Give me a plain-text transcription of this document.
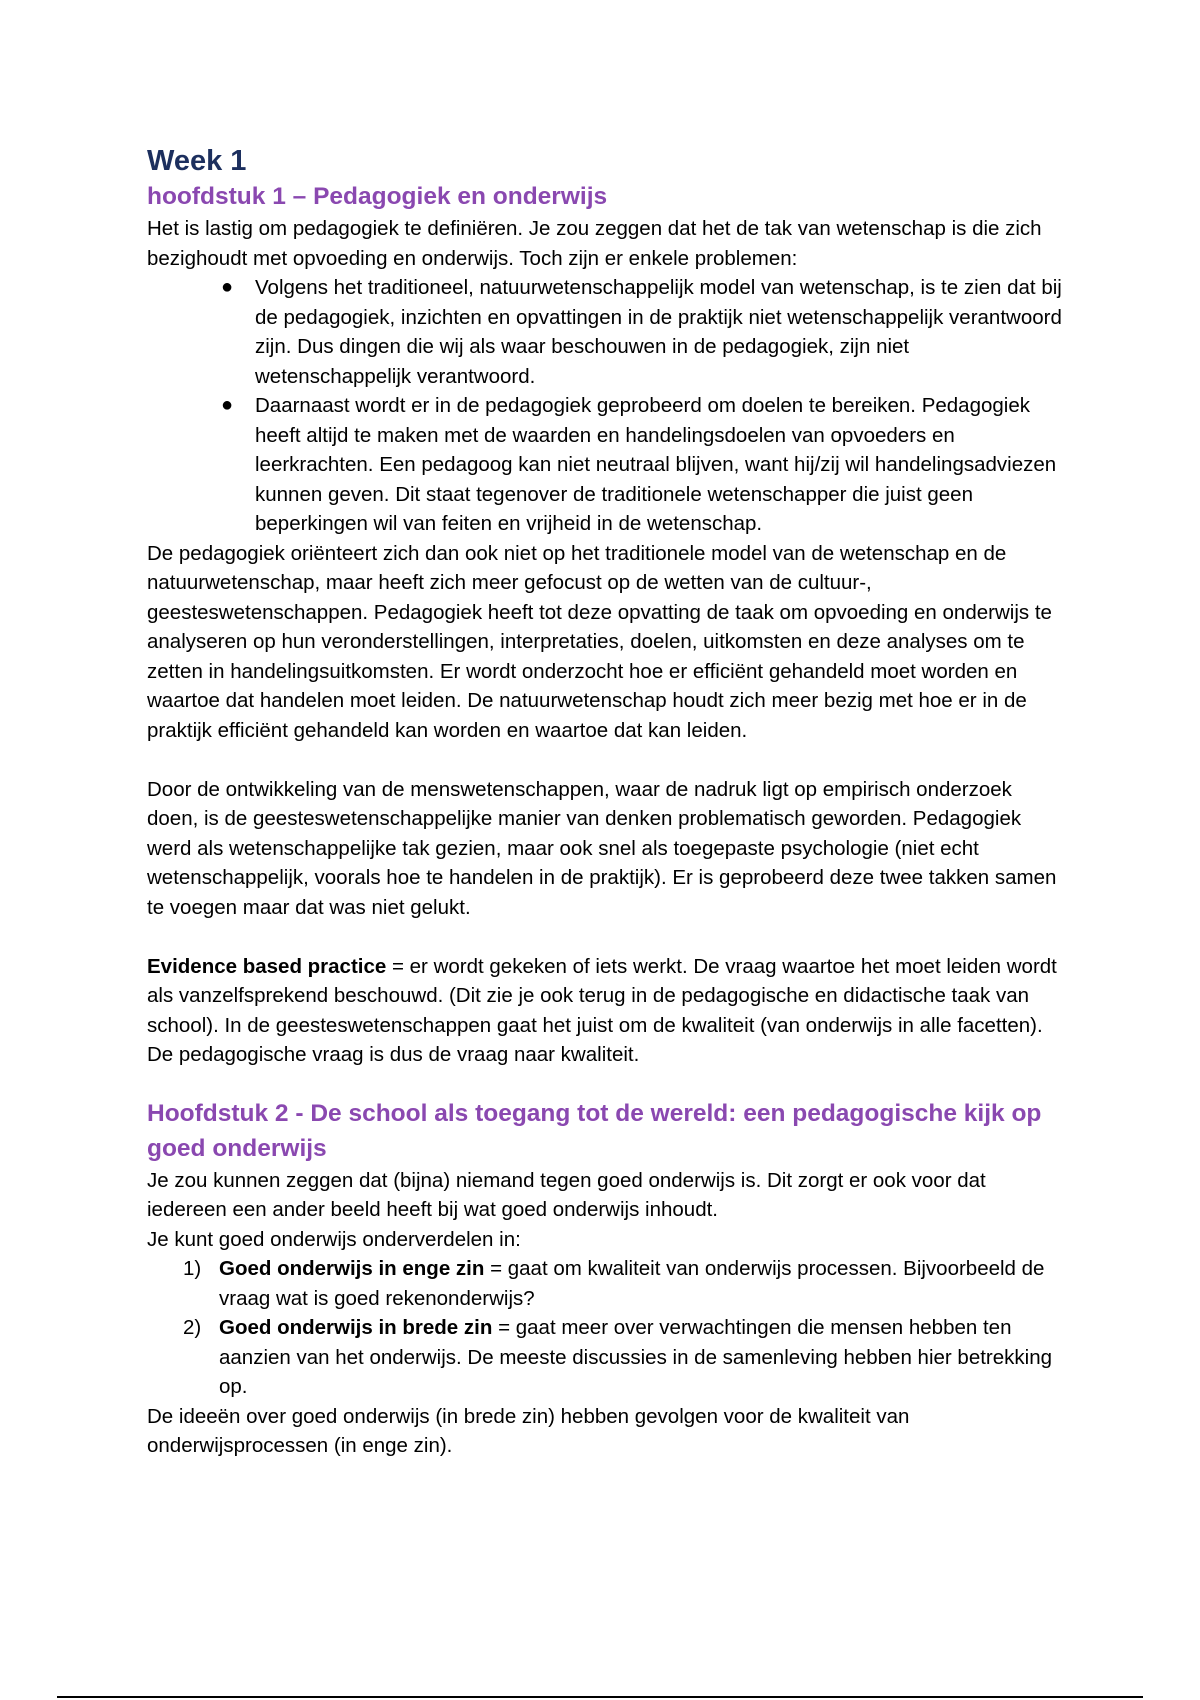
Week 1
hoofdstuk 1 – Pedagogiek en onderwijs

Het is lastig om pedagogiek te definiëren. Je zou zeggen dat het de tak van wetenschap is die zich bezighoudt met opvoeding en onderwijs. Toch zijn er enkele problemen:

● Volgens het traditioneel, natuurwetenschappelijk model van wetenschap, is te zien dat bij de pedagogiek, inzichten en opvattingen in de praktijk niet wetenschappelijk verantwoord zijn. Dus dingen die wij als waar beschouwen in de pedagogiek, zijn niet wetenschappelijk verantwoord.
● Daarnaast wordt er in de pedagogiek geprobeerd om doelen te bereiken. Pedagogiek heeft altijd te maken met de waarden en handelingsdoelen van opvoeders en leerkrachten. Een pedagoog kan niet neutraal blijven, want hij/zij wil handelingsadviezen kunnen geven. Dit staat tegenover de traditionele wetenschapper die juist geen beperkingen wil van feiten en vrijheid in de wetenschap.

De pedagogiek oriënteert zich dan ook niet op het traditionele model van de wetenschap en de natuurwetenschap, maar heeft zich meer gefocust op de wetten van de cultuur-, geesteswetenschappen. Pedagogiek heeft tot deze opvatting de taak om opvoeding en onderwijs te analyseren op hun veronderstellingen, interpretaties, doelen, uitkomsten en deze analyses om te zetten in handelingsuitkomsten. Er wordt onderzocht hoe er efficiënt gehandeld moet worden en waartoe dat handelen moet leiden. De natuurwetenschap houdt zich meer bezig met hoe er in de praktijk efficiënt gehandeld kan worden en waartoe dat kan leiden.

Door de ontwikkeling van de menswetenschappen, waar de nadruk ligt op empirisch onderzoek doen, is de geesteswetenschappelijke manier van denken problematisch geworden. Pedagogiek werd als wetenschappelijke tak gezien, maar ook snel als toegepaste psychologie (niet echt wetenschappelijk, voorals hoe te handelen in de praktijk). Er is geprobeerd deze twee takken samen te voegen maar dat was niet gelukt.

Evidence based practice = er wordt gekeken of iets werkt. De vraag waartoe het moet leiden wordt als vanzelfsprekend beschouwd. (Dit zie je ook terug in de pedagogische en didactische taak van school). In de geesteswetenschappen gaat het juist om de kwaliteit (van onderwijs in alle facetten). De pedagogische vraag is dus de vraag naar kwaliteit.

Hoofdstuk 2 - De school als toegang tot de wereld: een pedagogische kijk op goed onderwijs

Je zou kunnen zeggen dat (bijna) niemand tegen goed onderwijs is. Dit zorgt er ook voor dat iedereen een ander beeld heeft bij wat goed onderwijs inhoudt.

Je kunt goed onderwijs onderverdelen in:

1) Goed onderwijs in enge zin = gaat om kwaliteit van onderwijs processen. Bijvoorbeeld de vraag wat is goed rekenonderwijs?
2) Goed onderwijs in brede zin = gaat meer over verwachtingen die mensen hebben ten aanzien van het onderwijs. De meeste discussies in de samenleving hebben hier betrekking op.

De ideeën over goed onderwijs (in brede zin) hebben gevolgen voor de kwaliteit van onderwijsprocessen (in enge zin).
